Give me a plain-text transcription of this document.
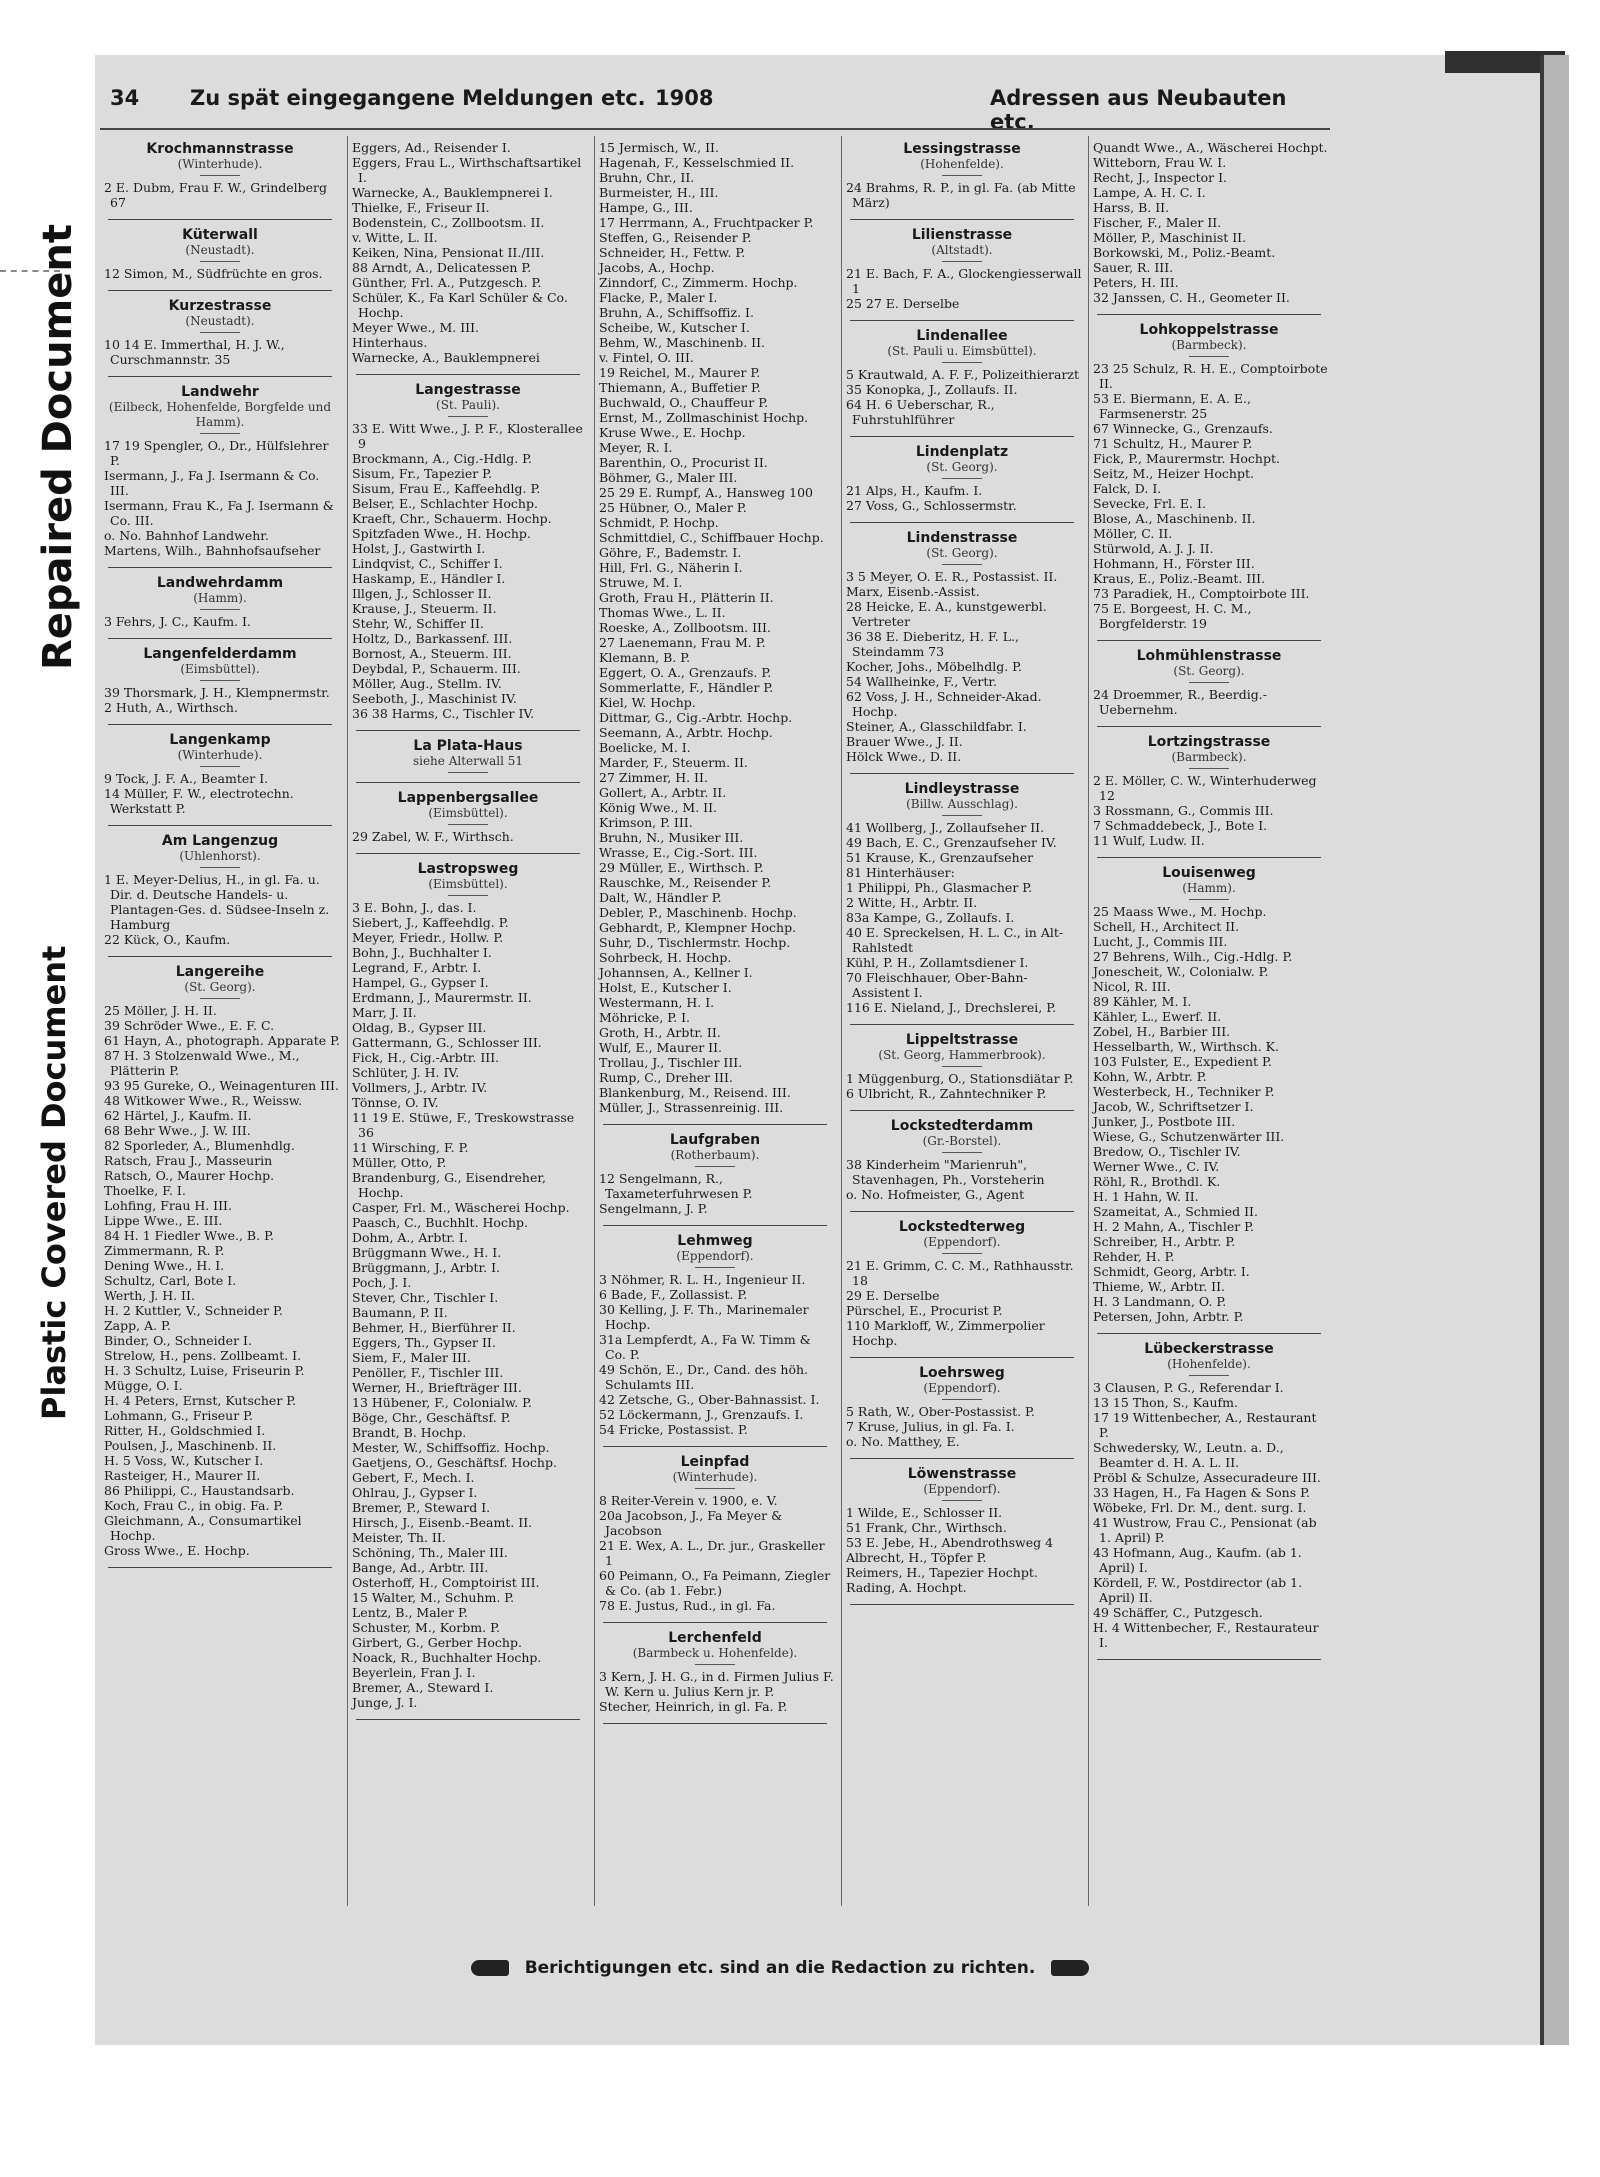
Repaired Document
Plastic Covered Document
34 Zu spät eingegangene Meldungen etc. 1908	Adressen aus Neubauten etc.
Krochmannstrasse
(Winterhude).
2 E. Dubm, Frau F. W., Grindelberg 67
Küterwall
(Neustadt).
12 Simon, M., Südfrüchte en gros.
Kurzestrasse
(Neustadt).
10 14 E. Immerthal, H. J. W., Curschmannstr. 35
Landwehr
(Eilbeck, Hohenfelde, Borgfelde und Hamm).
17 19 Spengler, O., Dr., Hülfslehrer P.
Isermann, J., Fa J. Isermann & Co. III.
Isermann, Frau K., Fa J. Isermann & Co. III.
o. No. Bahnhof Landwehr.
Martens, Wilh., Bahnhofsaufseher
Landwehrdamm
(Hamm).
3 Fehrs, J. C., Kaufm. I.
Langenfelderdamm
(Eimsbüttel).
39 Thorsmark, J. H., Klempnermstr.
2 Huth, A., Wirthsch.
Langenkamp
(Winterhude).
9 Tock, J. F. A., Beamter I.
14 Müller, F. W., electrotechn. Werkstatt P.
Am Langenzug
(Uhlenhorst).
1 E. Meyer-Delius, H., in gl. Fa. u. Dir. d. Deutsche Handels- u. Plantagen-Ges. d. Südsee-Inseln z. Hamburg
22 Kück, O., Kaufm.
Langereihe
(St. Georg).
25 Möller, J. H. II.
39 Schröder Wwe., E. F. C.
61 Hayn, A., photograph. Apparate P.
87 H. 3 Stolzenwald Wwe., M., Plätterin P.
93 95 Gureke, O., Weinagenturen III.
48 Witkower Wwe., R., Weissw.
62 Härtel, J., Kaufm. II.
68 Behr Wwe., J. W. III.
82 Sporleder, A., Blumenhdlg.
Ratsch, Frau J., Masseurin
Ratsch, O., Maurer Hochp.
Thoelke, F. I.
Lohfing, Frau H. III.
Lippe Wwe., E. III.
84 H. 1 Fiedler Wwe., B. P.
Zimmermann, R. P.
Dening Wwe., H. I.
Schultz, Carl, Bote I.
Werth, J. H. II.
H. 2 Kuttler, V., Schneider P.
Zapp, A. P.
Binder, O., Schneider I.
Strelow, H., pens. Zollbeamt. I.
H. 3 Schultz, Luise, Friseurin P.
Mügge, O. I.
H. 4 Peters, Ernst, Kutscher P.
Lohmann, G., Friseur P.
Ritter, H., Goldschmied I.
Poulsen, J., Maschinenb. II.
H. 5 Voss, W., Kutscher I.
Rasteiger, H., Maurer II.
86 Philippi, C., Haustandsarb.
Koch, Frau C., in obig. Fa. P.
Gleichmann, A., Consumartikel Hochp.
Gross Wwe., E. Hochp.
Eggers, Ad., Reisender I.
Eggers, Frau L., Wirthschaftsartikel I.
Warnecke, A., Bauklempnerei I.
Thielke, F., Friseur II.
Bodenstein, C., Zollbootsm. II.
v. Witte, L. II.
Keiken, Nina, Pensionat II./III.
88 Arndt, A., Delicatessen P.
Günther, Frl. A., Putzgesch. P.
Schüler, K., Fa Karl Schüler & Co. Hochp.
Meyer Wwe., M. III.
Hinterhaus.
Warnecke, A., Bauklempnerei
Langestrasse
(St. Pauli).
33 E. Witt Wwe., J. P. F., Klosterallee 9
Brockmann, A., Cig.-Hdlg. P.
Sisum, Fr., Tapezier P.
Sisum, Frau E., Kaffeehdlg. P.
Belser, E., Schlachter Hochp.
Kraeft, Chr., Schauerm. Hochp.
Spitzfaden Wwe., H. Hochp.
Holst, J., Gastwirth I.
Lindqvist, C., Schiffer I.
Haskamp, E., Händler I.
Illgen, J., Schlosser II.
Krause, J., Steuerm. II.
Stehr, W., Schiffer II.
Holtz, D., Barkassenf. III.
Bornost, A., Steuerm. III.
Deybdal, P., Schauerm. III.
Möller, Aug., Stellm. IV.
Seeboth, J., Maschinist IV.
36 38 Harms, C., Tischler IV.
La Plata-Haus
siehe Alterwall 51
Lappenbergsallee
(Eimsbüttel).
29 Zabel, W. F., Wirthsch.
Lastropsweg
(Eimsbüttel).
3 E. Bohn, J., das. I.
Siebert, J., Kaffeehdlg. P.
Meyer, Friedr., Hollw. P.
Bohn, J., Buchhalter I.
Legrand, F., Arbtr. I.
Hampel, G., Gypser I.
Erdmann, J., Maurermstr. II.
Marr, J. II.
Oldag, B., Gypser III.
Gattermann, G., Schlosser III.
Fick, H., Cig.-Arbtr. III.
Schlüter, J. H. IV.
Vollmers, J., Arbtr. IV.
Tönnse, O. IV.
11 19 E. Stüwe, F., Treskowstrasse 36
11 Wirsching, F. P.
Müller, Otto, P.
Brandenburg, G., Eisendreher, Hochp.
Casper, Frl. M., Wäscherei Hochp.
Paasch, C., Buchhlt. Hochp.
Dohm, A., Arbtr. I.
Brüggmann Wwe., H. I.
Brüggmann, J., Arbtr. I.
Poch, J. I.
Stever, Chr., Tischler I.
Baumann, P. II.
Behmer, H., Bierführer II.
Eggers, Th., Gypser II.
Siem, F., Maler III.
Penöller, F., Tischler III.
Werner, H., Briefträger III.
13 Hübener, F., Colonialw. P.
Böge, Chr., Geschäftsf. P.
Brandt, B. Hochp.
Mester, W., Schiffsoffiz. Hochp.
Gaetjens, O., Geschäftsf. Hochp.
Gebert, F., Mech. I.
Ohlrau, J., Gypser I.
Bremer, P., Steward I.
Hirsch, J., Eisenb.-Beamt. II.
Meister, Th. II.
Schöning, Th., Maler III.
Bange, Ad., Arbtr. III.
Osterhoff, H., Comptoirist III.
15 Walter, M., Schuhm. P.
Lentz, B., Maler P.
Schuster, M., Korbm. P.
Girbert, G., Gerber Hochp.
Noack, R., Buchhalter Hochp.
Beyerlein, Fran J. I.
Bremer, A., Steward I.
Junge, J. I.
15 Jermisch, W., II.
Hagenah, F., Kesselschmied II.
Bruhn, Chr., II.
Burmeister, H., III.
Hampe, G., III.
17 Herrmann, A., Fruchtpacker P.
Steffen, G., Reisender P.
Schneider, H., Fettw. P.
Jacobs, A., Hochp.
Zinndorf, C., Zimmerm. Hochp.
Flacke, P., Maler I.
Bruhn, A., Schiffsoffiz. I.
Scheibe, W., Kutscher I.
Behm, W., Maschinenb. II.
v. Fintel, O. III.
19 Reichel, M., Maurer P.
Thiemann, A., Buffetier P.
Buchwald, O., Chauffeur P.
Ernst, M., Zollmaschinist Hochp.
Kruse Wwe., E. Hochp.
Meyer, R. I.
Barenthin, O., Procurist II.
Böhmer, G., Maler III.
25 29 E. Rumpf, A., Hansweg 100
25 Hübner, O., Maler P.
Schmidt, P. Hochp.
Schmittdiel, C., Schiffbauer Hochp.
Göhre, F., Bademstr. I.
Hill, Frl. G., Näherin I.
Struwe, M. I.
Groth, Frau H., Plätterin II.
Thomas Wwe., L. II.
Roeske, A., Zollbootsm. III.
27 Laenemann, Frau M. P.
Klemann, B. P.
Eggert, O. A., Grenzaufs. P.
Sommerlatte, F., Händler P.
Kiel, W. Hochp.
Dittmar, G., Cig.-Arbtr. Hochp.
Seemann, A., Arbtr. Hochp.
Boelicke, M. I.
Marder, F., Steuerm. II.
27 Zimmer, H. II.
Gollert, A., Arbtr. II.
König Wwe., M. II.
Krimson, P. III.
Bruhn, N., Musiker III.
Wrasse, E., Cig.-Sort. III.
29 Müller, E., Wirthsch. P.
Rauschke, M., Reisender P.
Dalt, W., Händler P.
Debler, P., Maschinenb. Hochp.
Gebhardt, P., Klempner Hochp.
Suhr, D., Tischlermstr. Hochp.
Sohrbeck, H. Hochp.
Johannsen, A., Kellner I.
Holst, E., Kutscher I.
Westermann, H. I.
Möhricke, P. I.
Groth, H., Arbtr. II.
Wulf, E., Maurer II.
Trollau, J., Tischler III.
Rump, C., Dreher III.
Blankenburg, M., Reisend. III.
Müller, J., Strassenreinig. III.
Laufgraben
(Rotherbaum).
12 Sengelmann, R., Taxameterfuhrwesen P.
Sengelmann, J. P.
Lehmweg
(Eppendorf).
3 Nöhmer, R. L. H., Ingenieur II.
6 Bade, F., Zollassist. P.
30 Kelling, J. F. Th., Marinemaler Hochp.
31a Lempferdt, A., Fa W. Timm & Co. P.
49 Schön, E., Dr., Cand. des höh. Schulamts III.
42 Zetsche, G., Ober-Bahnassist. I.
52 Löckermann, J., Grenzaufs. I.
54 Fricke, Postassist. P.
Leinpfad
(Winterhude).
8 Reiter-Verein v. 1900, e. V.
20a Jacobson, J., Fa Meyer & Jacobson
21 E. Wex, A. L., Dr. jur., Graskeller 1
60 Peimann, O., Fa Peimann, Ziegler & Co. (ab 1. Febr.)
78 E. Justus, Rud., in gl. Fa.
Lerchenfeld
(Barmbeck u. Hohenfelde).
3 Kern, J. H. G., in d. Firmen Julius F. W. Kern u. Julius Kern jr. P.
Stecher, Heinrich, in gl. Fa. P.
Lessingstrasse
(Hohenfelde).
24 Brahms, R. P., in gl. Fa. (ab Mitte März)
Lilienstrasse
(Altstadt).
21 E. Bach, F. A., Glockengiesserwall 1
25 27 E. Derselbe
Lindenallee
(St. Pauli u. Eimsbüttel).
5 Krautwald, A. F. F., Polizeithierarzt
35 Konopka, J., Zollaufs. II.
64 H. 6 Ueberschar, R., Fuhrstuhlführer
Lindenplatz
(St. Georg).
21 Alps, H., Kaufm. I.
27 Voss, G., Schlossermstr.
Lindenstrasse
(St. Georg).
3 5 Meyer, O. E. R., Postassist. II.
Marx, Eisenb.-Assist.
28 Heicke, E. A., kunstgewerbl. Vertreter
36 38 E. Dieberitz, H. F. L., Steindamm 73
Kocher, Johs., Möbelhdlg. P.
54 Wallheinke, F., Vertr.
62 Voss, J. H., Schneider-Akad. Hochp.
Steiner, A., Glasschildfabr. I.
Brauer Wwe., J. II.
Hölck Wwe., D. II.
Lindleystrasse
(Billw. Ausschlag).
41 Wollberg, J., Zollaufseher II.
49 Bach, E. C., Grenzaufseher IV.
51 Krause, K., Grenzaufseher
81 Hinterhäuser:
1 Philippi, Ph., Glasmacher P.
2 Witte, H., Arbtr. II.
83a Kampe, G., Zollaufs. I.
40 E. Spreckelsen, H. L. C., in Alt-Rahlstedt
Kühl, P. H., Zollamtsdiener I.
70 Fleischhauer, Ober-Bahn-Assistent I.
116 E. Nieland, J., Drechslerei, P.
Lippeltstrasse
(St. Georg, Hammerbrook).
1 Müggenburg, O., Stationsdiätar P.
6 Ulbricht, R., Zahntechniker P.
Lockstedterdamm
(Gr.-Borstel).
38 Kinderheim "Marienruh", Stavenhagen, Ph., Vorsteherin
o. No. Hofmeister, G., Agent
Lockstedterweg
(Eppendorf).
21 E. Grimm, C. C. M., Rathhausstr. 18
29 E. Derselbe
Pürschel, E., Procurist P.
110 Markloff, W., Zimmerpolier Hochp.
Loehrsweg
(Eppendorf).
5 Rath, W., Ober-Postassist. P.
7 Kruse, Julius, in gl. Fa. I.
o. No. Matthey, E.
Löwenstrasse
(Eppendorf).
1 Wilde, E., Schlosser II.
51 Frank, Chr., Wirthsch.
53 E. Jebe, H., Abendrothsweg 4
Albrecht, H., Töpfer P.
Reimers, H., Tapezier Hochpt.
Rading, A. Hochpt.
Quandt Wwe., A., Wäscherei Hochpt.
Witteborn, Frau W. I.
Recht, J., Inspector I.
Lampe, A. H. C. I.
Harss, B. II.
Fischer, F., Maler II.
Möller, P., Maschinist II.
Borkowski, M., Poliz.-Beamt.
Sauer, R. III.
Peters, H. III.
32 Janssen, C. H., Geometer II.
Lohkoppelstrasse
(Barmbeck).
23 25 Schulz, R. H. E., Comptoirbote II.
53 E. Biermann, E. A. E., Farmsenerstr. 25
67 Winnecke, G., Grenzaufs.
71 Schultz, H., Maurer P.
Fick, P., Maurermstr. Hochpt.
Seitz, M., Heizer Hochpt.
Falck, D. I.
Sevecke, Frl. E. I.
Blose, A., Maschinenb. II.
Möller, C. II.
Stürwold, A. J. J. II.
Hohmann, H., Förster III.
Kraus, E., Poliz.-Beamt. III.
73 Paradiek, H., Comptoirbote III.
75 E. Borgeest, H. C. M., Borgfelderstr. 19
Lohmühlenstrasse
(St. Georg).
24 Droemmer, R., Beerdig.-Uebernehm.
Lortzingstrasse
(Barmbeck).
2 E. Möller, C. W., Winterhuderweg 12
3 Rossmann, G., Commis III.
7 Schmaddebeck, J., Bote I.
11 Wulf, Ludw. II.
Louisenweg
(Hamm).
25 Maass Wwe., M. Hochp.
Schell, H., Architect II.
Lucht, J., Commis III.
27 Behrens, Wilh., Cig.-Hdlg. P.
Jonescheit, W., Colonialw. P.
Nicol, R. III.
89 Kähler, M. I.
Kähler, L., Ewerf. II.
Zobel, H., Barbier III.
Hesselbarth, W., Wirthsch. K.
103 Fulster, E., Expedient P.
Kohn, W., Arbtr. P.
Westerbeck, H., Techniker P.
Jacob, W., Schriftsetzer I.
Junker, J., Postbote III.
Wiese, G., Schutzenwärter III.
Bredow, O., Tischler IV.
Werner Wwe., C. IV.
Röhl, R., Brothdl. K.
H. 1 Hahn, W. II.
Szameitat, A., Schmied II.
H. 2 Mahn, A., Tischler P.
Schreiber, H., Arbtr. P.
Rehder, H. P.
Schmidt, Georg, Arbtr. I.
Thieme, W., Arbtr. II.
H. 3 Landmann, O. P.
Petersen, John, Arbtr. P.
Lübeckerstrasse
(Hohenfelde).
3 Clausen, P. G., Referendar I.
13 15 Thon, S., Kaufm.
17 19 Wittenbecher, A., Restaurant P.
Schwedersky, W., Leutn. a. D., Beamter d. H. A. L. II.
Pröbl & Schulze, Assecuradeure III.
33 Hagen, H., Fa Hagen & Sons P.
Wöbeke, Frl. Dr. M., dent. surg. I.
41 Wustrow, Frau C., Pensionat (ab 1. April) P.
43 Hofmann, Aug., Kaufm. (ab 1. April) I.
Kördell, F. W., Postdirector (ab 1. April) II.
49 Schäffer, C., Putzgesch.
H. 4 Wittenbecher, F., Restaurateur I.
Berichtigungen etc. sind an die Redaction zu richten.
